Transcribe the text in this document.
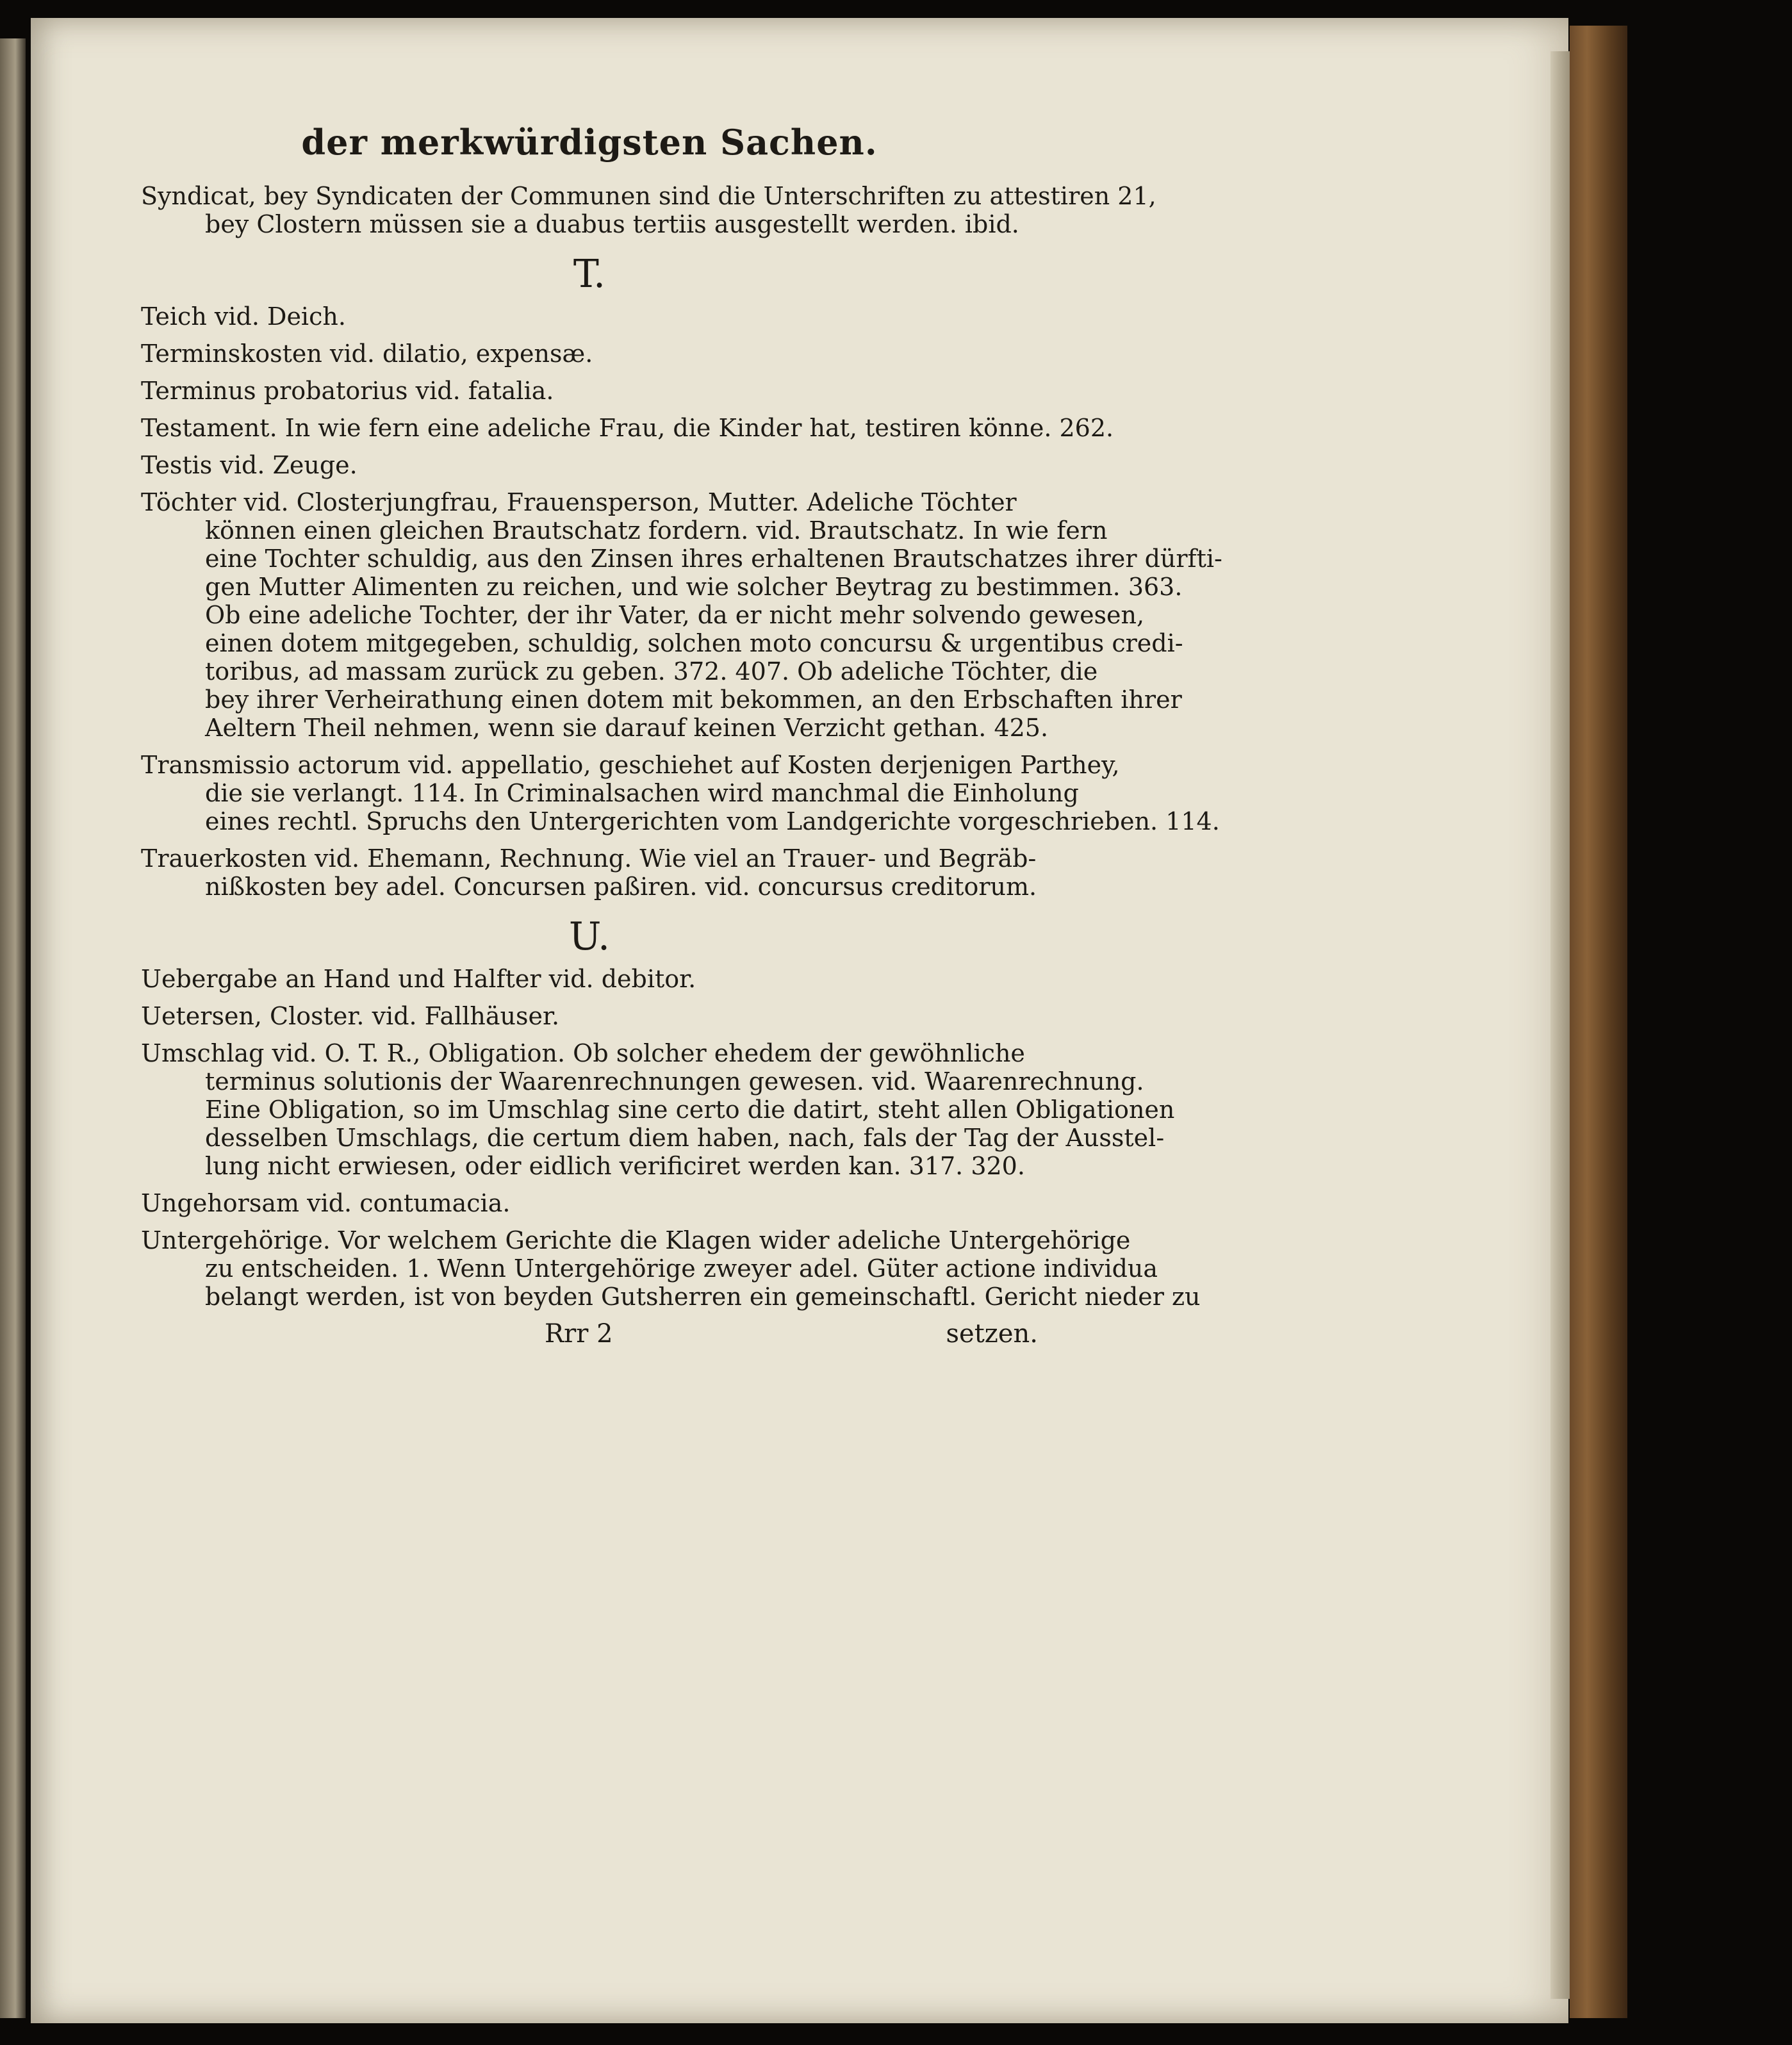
der merkwürdigsten Sachen.
Syndicat, bey Syndicaten der Communen sind die Unterschriften zu attestiren 21,
bey Clostern müssen sie a duabus tertiis ausgestellt werden. ibid.
T.
Teich vid. Deich.
Terminskosten vid. dilatio, expensæ.
Terminus probatorius vid. fatalia.
Testament. In wie fern eine adeliche Frau, die Kinder hat, testiren könne. 262.
Testis vid. Zeuge.
Töchter vid. Closterjungfrau, Frauensperson, Mutter. Adeliche Töchter
können einen gleichen Brautschatz fordern. vid. Brautschatz. In wie fern
eine Tochter schuldig, aus den Zinsen ihres erhaltenen Brautschatzes ihrer dürfti-
gen Mutter Alimenten zu reichen, und wie solcher Beytrag zu bestimmen. 363.
Ob eine adeliche Tochter, der ihr Vater, da er nicht mehr solvendo gewesen,
einen dotem mitgegeben, schuldig, solchen moto concursu & urgentibus credi-
toribus, ad massam zurück zu geben. 372. 407. Ob adeliche Töchter, die
bey ihrer Verheirathung einen dotem mit bekommen, an den Erbschaften ihrer
Aeltern Theil nehmen, wenn sie darauf keinen Verzicht gethan. 425.
Transmissio actorum vid. appellatio, geschiehet auf Kosten derjenigen Parthey,
die sie verlangt. 114. In Criminalsachen wird manchmal die Einholung
eines rechtl. Spruchs den Untergerichten vom Landgerichte vorgeschrieben. 114.
Trauerkosten vid. Ehemann, Rechnung. Wie viel an Trauer- und Begräb-
nißkosten bey adel. Concursen paßiren. vid. concursus creditorum.
U.
Uebergabe an Hand und Halfter vid. debitor.
Uetersen, Closter. vid. Fallhäuser.
Umschlag vid. O. T. R., Obligation. Ob solcher ehedem der gewöhnliche
terminus solutionis der Waarenrechnungen gewesen. vid. Waarenrechnung.
Eine Obligation, so im Umschlag sine certo die datirt, steht allen Obligationen
desselben Umschlags, die certum diem haben, nach, fals der Tag der Ausstel-
lung nicht erwiesen, oder eidlich verificiret werden kan. 317. 320.
Ungehorsam vid. contumacia.
Untergehörige. Vor welchem Gerichte die Klagen wider adeliche Untergehörige
zu entscheiden. 1. Wenn Untergehörige zweyer adel. Güter actione individua
belangt werden, ist von beyden Gutsherren ein gemeinschaftl. Gericht nieder zu
Rrr 2	setzen.
